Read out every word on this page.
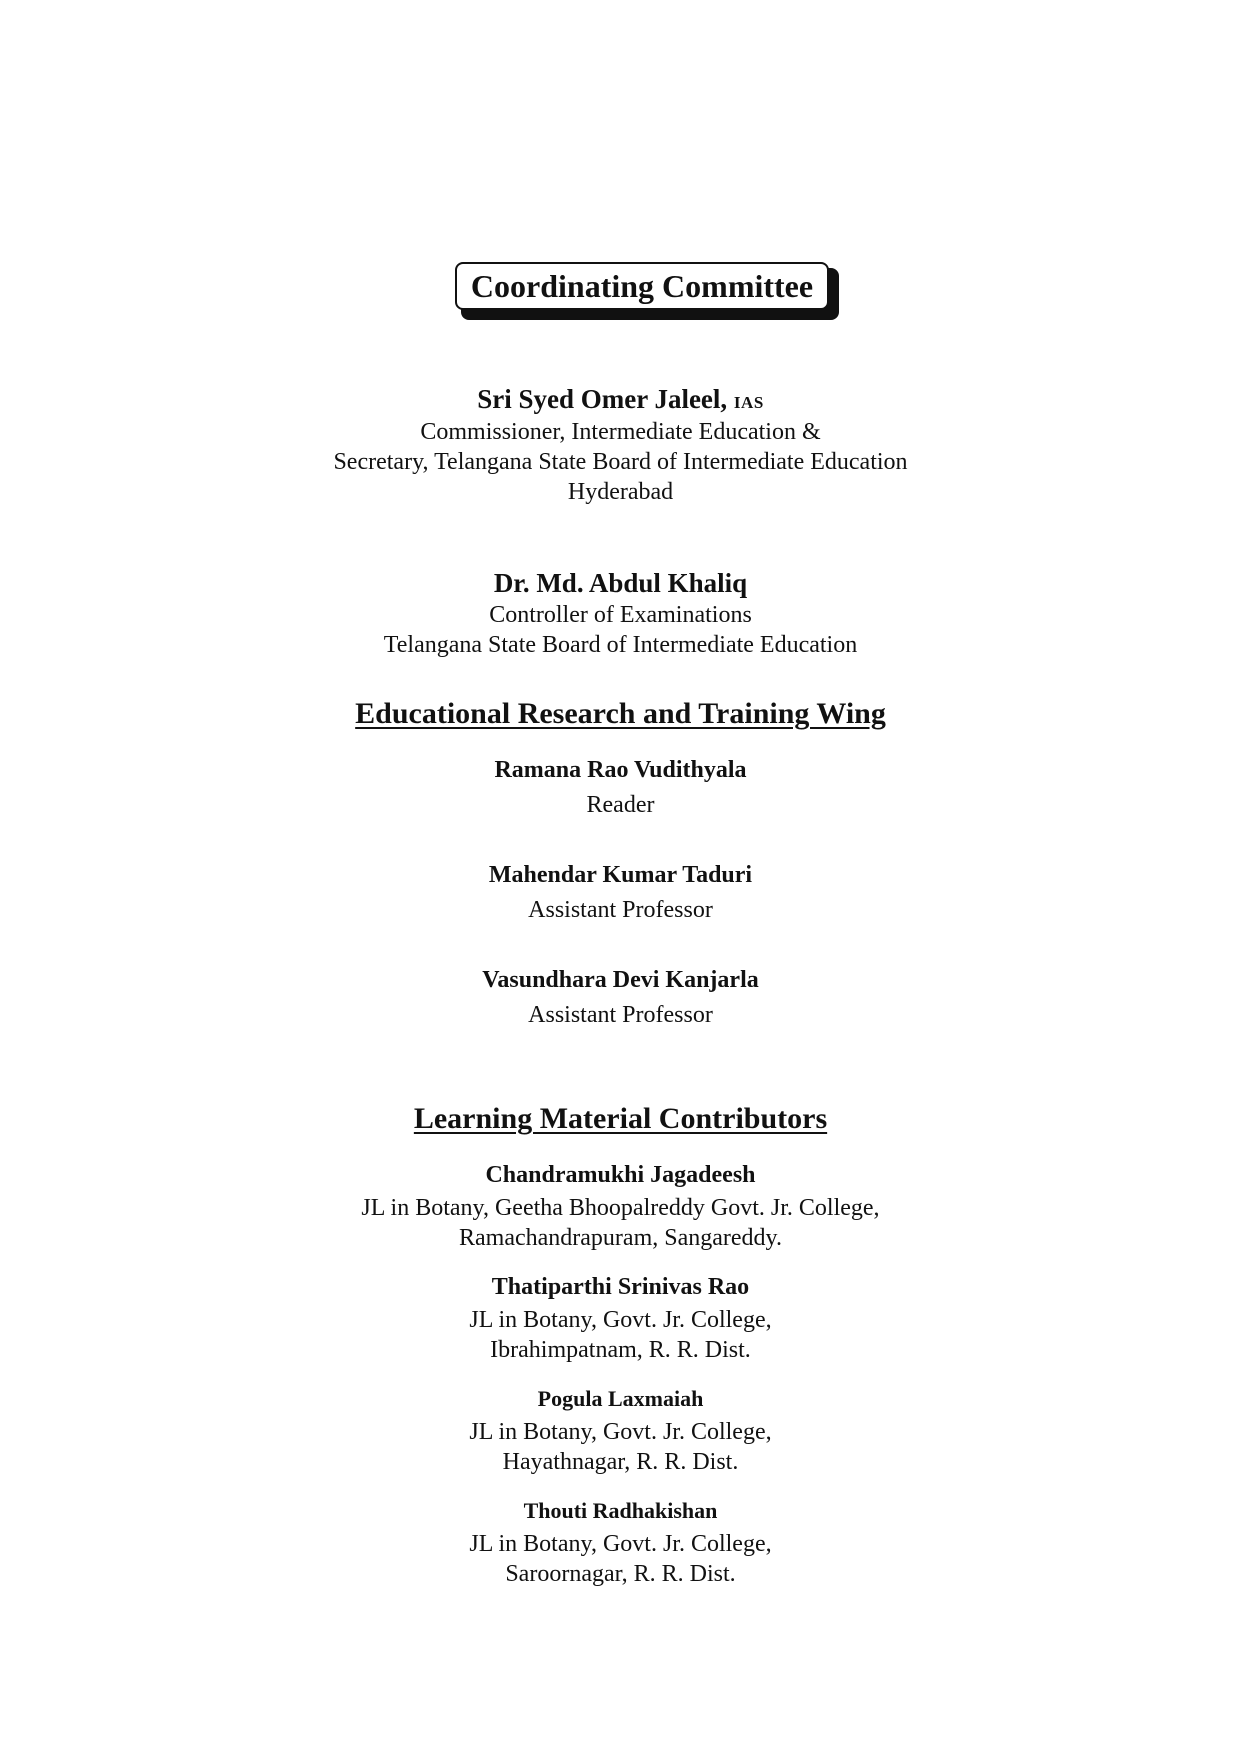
Coordinating Committee
Sri Syed Omer Jaleel, IAS
Commissioner, Intermediate Education &
Secretary, Telangana State Board of Intermediate Education
Hyderabad
Dr. Md. Abdul Khaliq
Controller of Examinations
Telangana State Board of Intermediate Education
Educational Research and Training Wing
Ramana Rao Vudithyala
Reader
Mahendar Kumar Taduri
Assistant Professor
Vasundhara Devi Kanjarla
Assistant Professor
Learning Material Contributors
Chandramukhi Jagadeesh
JL in Botany, Geetha Bhoopalreddy Govt. Jr. College,
Ramachandrapuram, Sangareddy.
Thatiparthi Srinivas Rao
JL in Botany, Govt. Jr. College,
Ibrahimpatnam, R. R. Dist.
Pogula Laxmaiah
JL in Botany, Govt. Jr. College,
Hayathnagar, R. R. Dist.
Thouti Radhakishan
JL in Botany, Govt. Jr. College,
Saroornagar, R. R. Dist.
